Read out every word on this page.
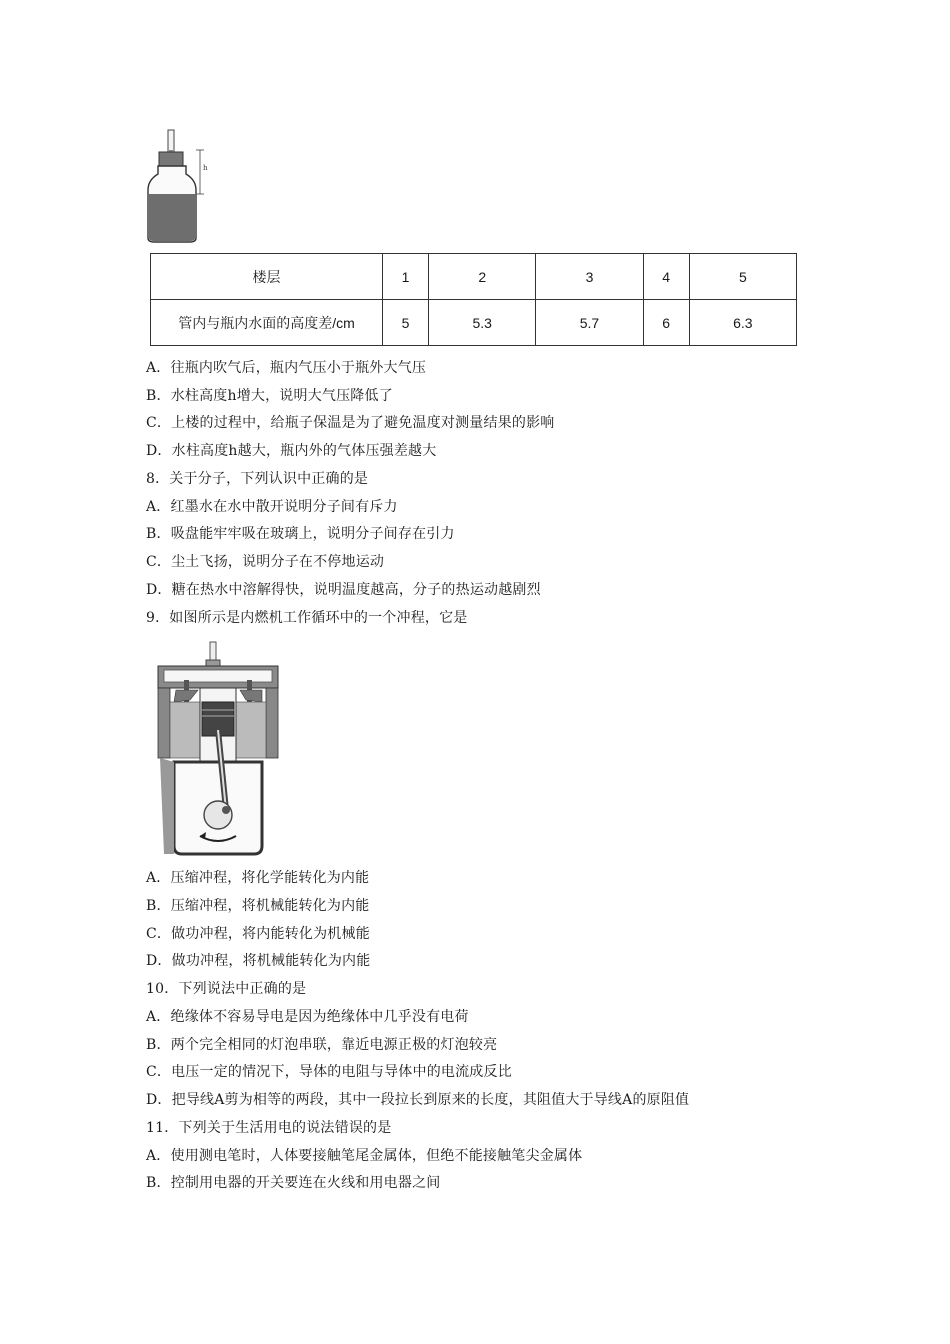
h
楼层	1	2	3	4	5
管内与瓶内水面的高度差/cm	5	5.3	5.7	6	6.3
A．往瓶内吹气后，瓶内气压小于瓶外大气压
B．水柱高度h增大，说明大气压降低了
C．上楼的过程中，给瓶子保温是为了避免温度对测量结果的影响
D．水柱高度h越大，瓶内外的气体压强差越大
8．关于分子，下列认识中正确的是
A．红墨水在水中散开说明分子间有斥力
B．吸盘能牢牢吸在玻璃上，说明分子间存在引力
C．尘土飞扬，说明分子在不停地运动
D．糖在热水中溶解得快，说明温度越高，分子的热运动越剧烈
9．如图所示是内燃机工作循环中的一个冲程，它是
A．压缩冲程，将化学能转化为内能
B．压缩冲程，将机械能转化为内能
C．做功冲程，将内能转化为机械能
D．做功冲程，将机械能转化为内能
10．下列说法中正确的是
A．绝缘体不容易导电是因为绝缘体中几乎没有电荷
B．两个完全相同的灯泡串联，靠近电源正极的灯泡较亮
C．电压一定的情况下，导体的电阻与导体中的电流成反比
D．把导线A剪为相等的两段，其中一段拉长到原来的长度，其阻值大于导线A的原阻值
11．下列关于生活用电的说法错误的是
A．使用测电笔时，人体要接触笔尾金属体，但绝不能接触笔尖金属体
B．控制用电器的开关要连在火线和用电器之间
